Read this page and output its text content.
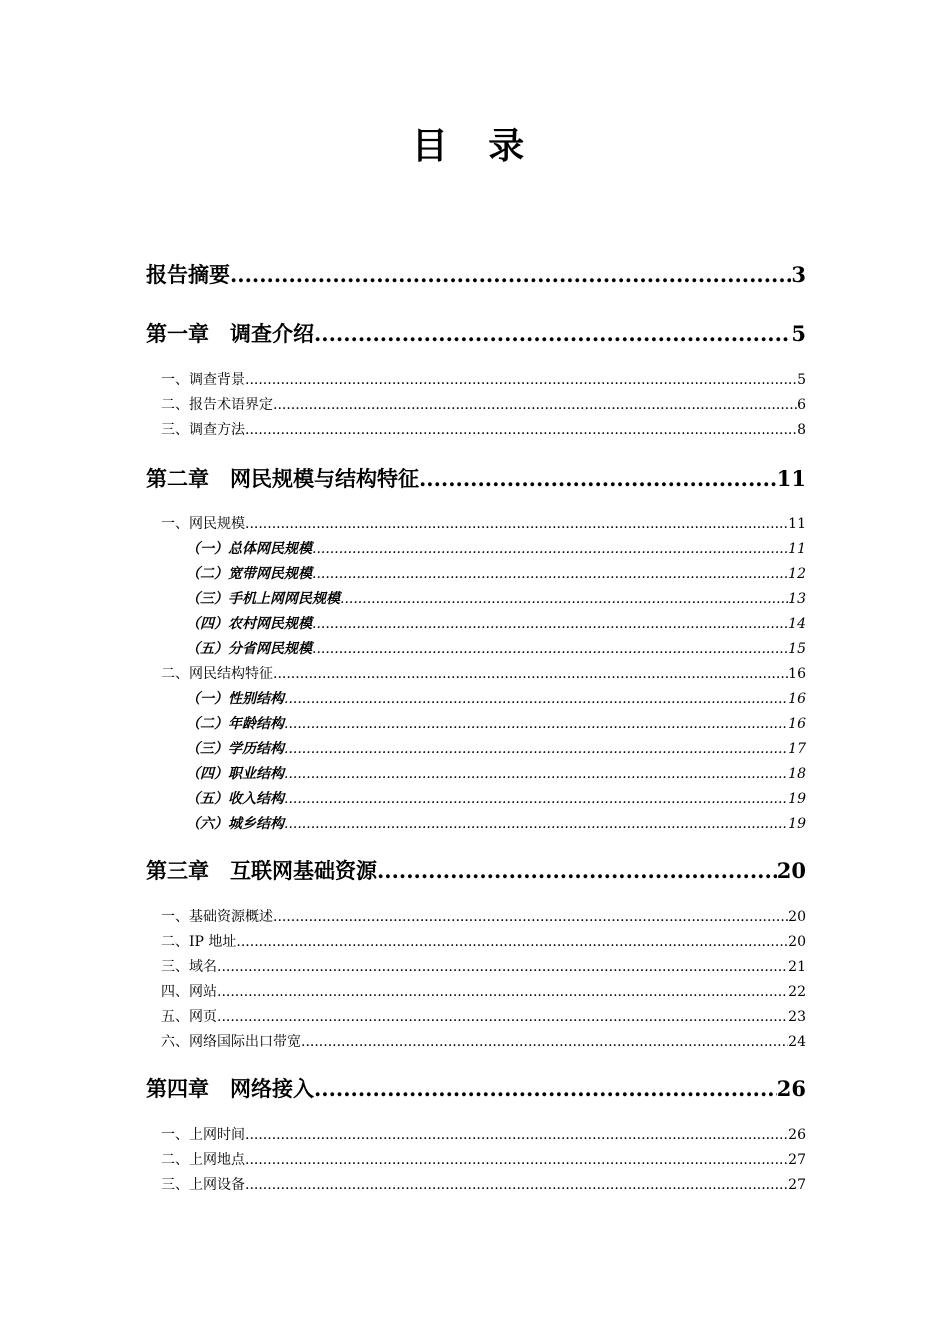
目 录
报告摘要 .....	3
第一章　调查介绍 .....	5
一、调查背景 .....	5
二、报告术语界定 .....	6
三、调查方法 .....	8
第二章　网民规模与结构特征 .....	11
一、网民规模 .....	11
（一）总体网民规模 .....	11
（二）宽带网民规模 .....	12
（三）手机上网网民规模 .....	13
（四）农村网民规模 .....	14
（五）分省网民规模 .....	15
二、网民结构特征 .....	16
（一）性别结构 .....	16
（二）年龄结构 .....	16
（三）学历结构 .....	17
（四）职业结构 .....	18
（五）收入结构 .....	19
（六）城乡结构 .....	19
第三章　互联网基础资源 .....	20
一、基础资源概述 .....	20
二、IP 地址 .....	20
三、域名 .....	21
四、网站 .....	22
五、网页 .....	23
六、网络国际出口带宽 .....	24
第四章　网络接入 .....	26
一、上网时间 .....	26
二、上网地点 .....	27
三、上网设备 .....	27
